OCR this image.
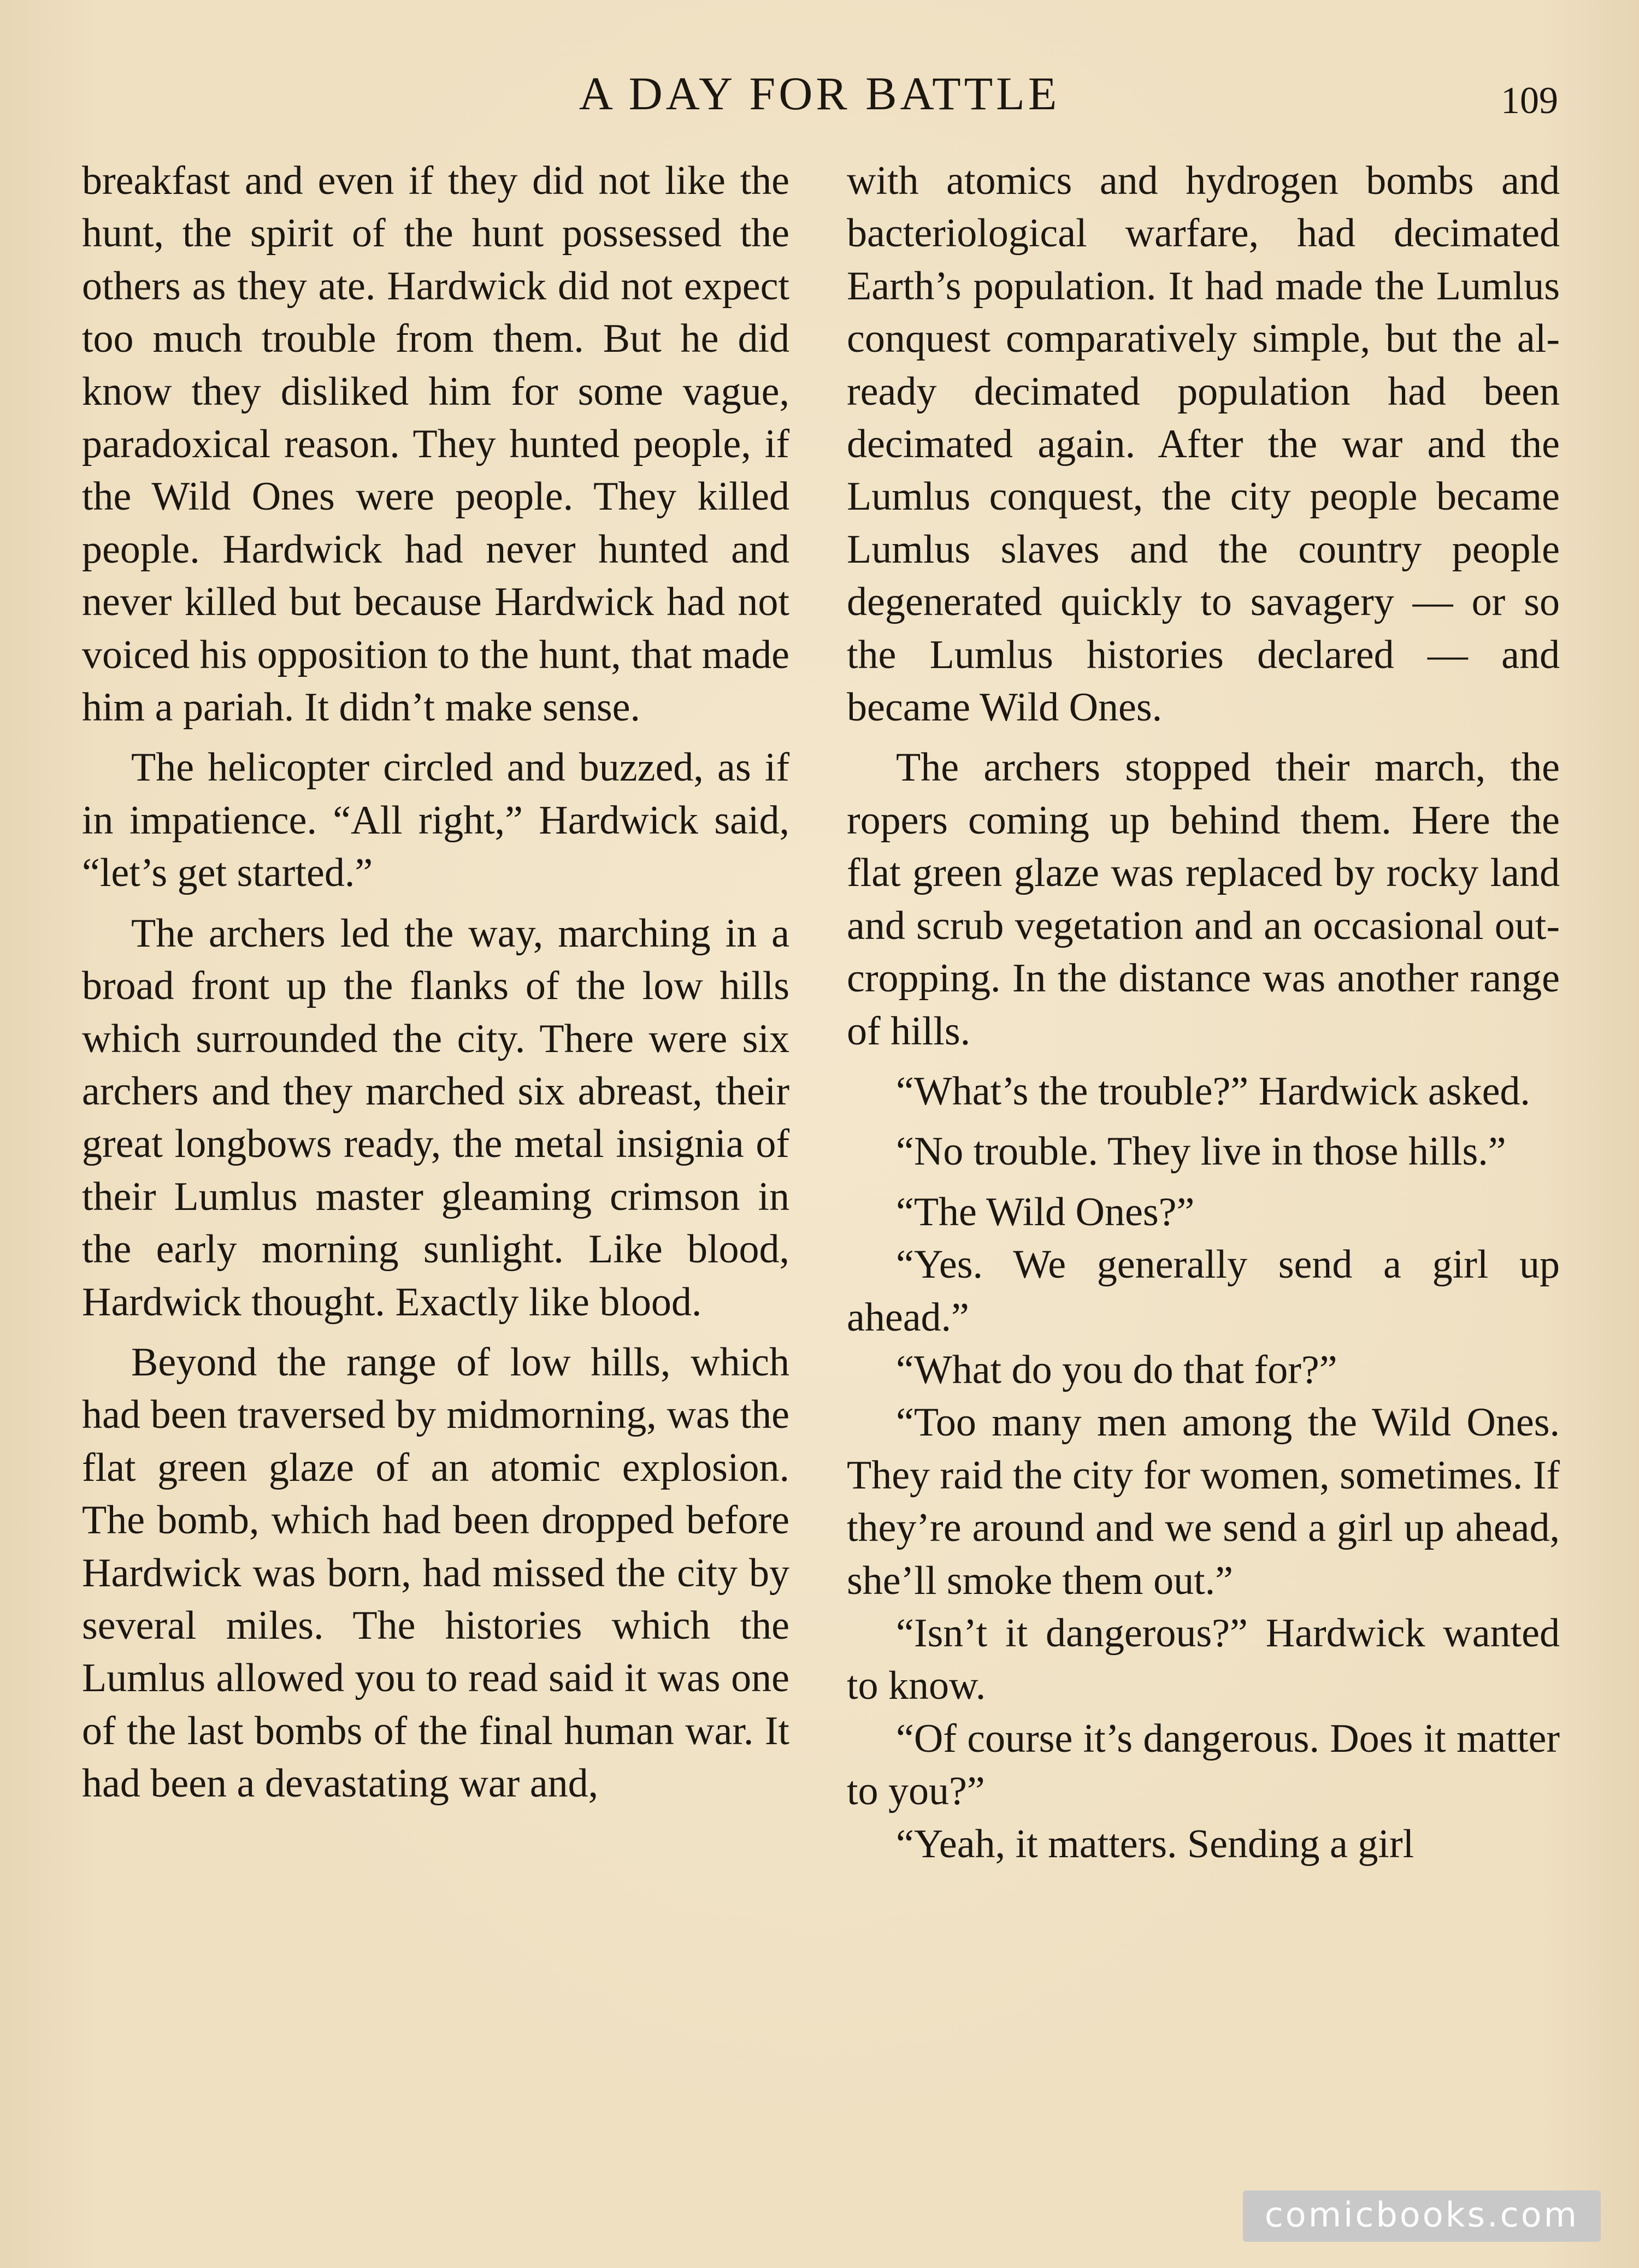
A DAY FOR BATTLE	109

breakfast and even if they did not like the hunt, the spirit of the hunt possessed the others as they ate. Hardwick did not expect too much trouble from them. But he did know they disliked him for some vague, paradoxical reason. They hunted people, if the Wild Ones were people. They killed people. Hardwick had never hunted and never killed but because Hardwick had not voiced his opposition to the hunt, that made him a pariah. It didn’t make sense.

The helicopter circled and buzzed, as if in impatience. “All right,” Hardwick said, “let’s get started.”

The archers led the way, marching in a broad front up the flanks of the low hills which surrounded the city. There were six archers and they marched six abreast, their great longbows ready, the metal insignia of their Lumlus master gleaming crimson in the early morning sunlight. Like blood, Hardwick thought. Exactly like blood.

Beyond the range of low hills, which had been traversed by midmorning, was the flat green glaze of an atomic explosion. The bomb, which had been dropped before Hardwick was born, had missed the city by several miles. The histories which the Lumlus allowed you to read said it was one of the last bombs of the final human war. It had been a devastating war and,

with atomics and hydrogen bombs and bacteriological warfare, had decimated Earth’s population. It had made the Lumlus conquest comparatively simple, but the already decimated population had been decimated again. After the war and the Lumlus conquest, the city people became Lumlus slaves and the country people degenerated quickly to savagery — or so the Lumlus histories declared — and became Wild Ones.

The archers stopped their march, the ropers coming up behind them. Here the flat green glaze was replaced by rocky land and scrub vegetation and an occasional outcropping. In the distance was another range of hills.

“What’s the trouble?” Hardwick asked.

“No trouble. They live in those hills.”

“The Wild Ones?”

“Yes. We generally send a girl up ahead.”

“What do you do that for?”

“Too many men among the Wild Ones. They raid the city for women, sometimes. If they’re around and we send a girl up ahead, she’ll smoke them out.”

“Isn’t it dangerous?” Hardwick wanted to know.

“Of course it’s dangerous. Does it matter to you?”

“Yeah, it matters. Sending a girl

comicbooks.com
